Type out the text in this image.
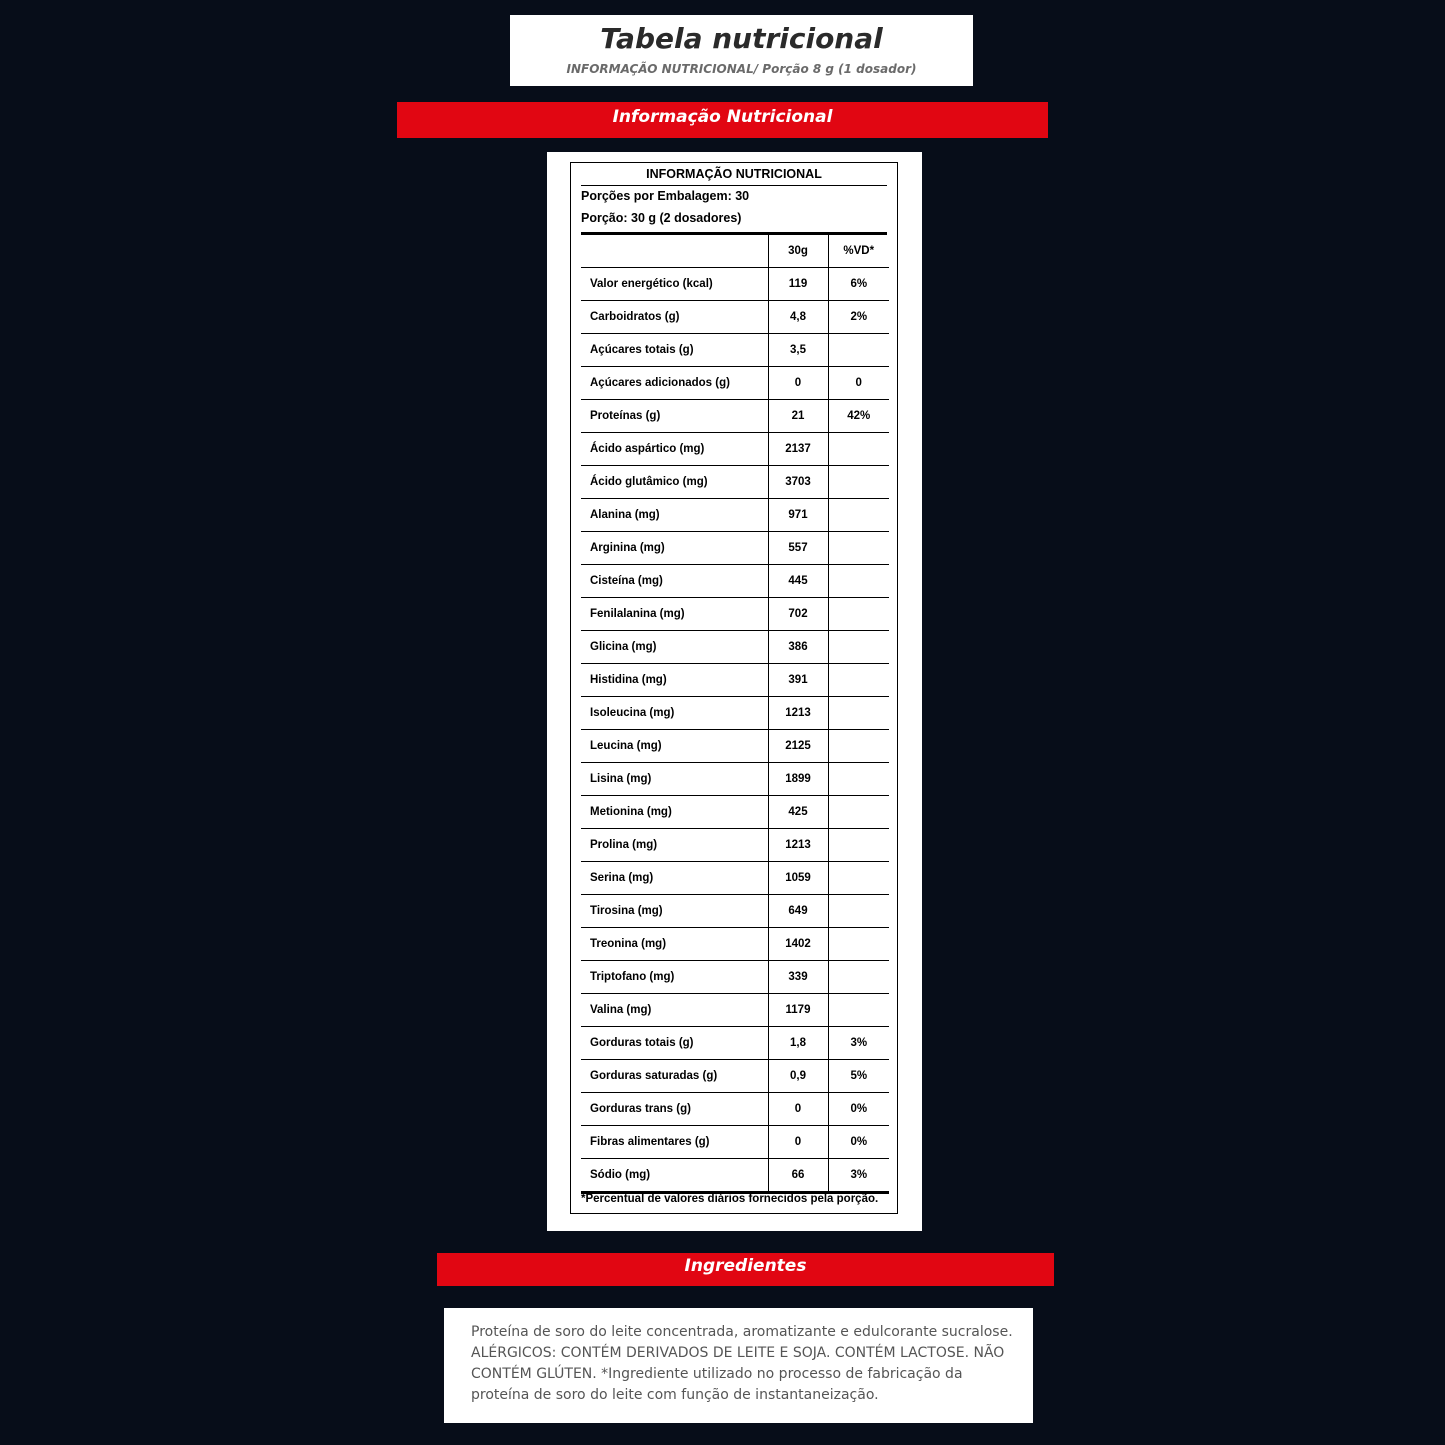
Tabela nutricional
INFORMAÇÃO NUTRICIONAL/ Porção 8 g (1 dosador)
Informação Nutricional
INFORMAÇÃO NUTRICIONAL
Porções por Embalagem: 30
Porção: 30 g (2 dosadores)
	30g	%VD*
Valor energético (kcal)	119	6%
Carboidratos (g)	4,8	2%
Açúcares totais (g)	3,5	
Açúcares adicionados (g)	0	0
Proteínas (g)	21	42%
Ácido aspártico (mg)	2137	
Ácido glutâmico (mg)	3703	
Alanina (mg)	971	
Arginina (mg)	557	
Cisteína (mg)	445	
Fenilalanina (mg)	702	
Glicina (mg)	386	
Histidina (mg)	391	
Isoleucina (mg)	1213	
Leucina (mg)	2125	
Lisina (mg)	1899	
Metionina (mg)	425	
Prolina (mg)	1213	
Serina (mg)	1059	
Tirosina (mg)	649	
Treonina (mg)	1402	
Triptofano (mg)	339	
Valina (mg)	1179	
Gorduras totais (g)	1,8	3%
Gorduras saturadas (g)	0,9	5%
Gorduras trans (g)	0	0%
Fibras alimentares (g)	0	0%
Sódio (mg)	66	3%
*Percentual de valores diários fornecidos pela porção.
Ingredientes

Proteína de soro do leite concentrada, aromatizante e edulcorante sucralose. ALÉRGICOS: CONTÉM DERIVADOS DE LEITE E SOJA. CONTÉM LACTOSE. NÃO CONTÉM GLÚTEN. *Ingrediente utilizado no processo de fabricação da proteína de soro do leite com função de instantaneização.
